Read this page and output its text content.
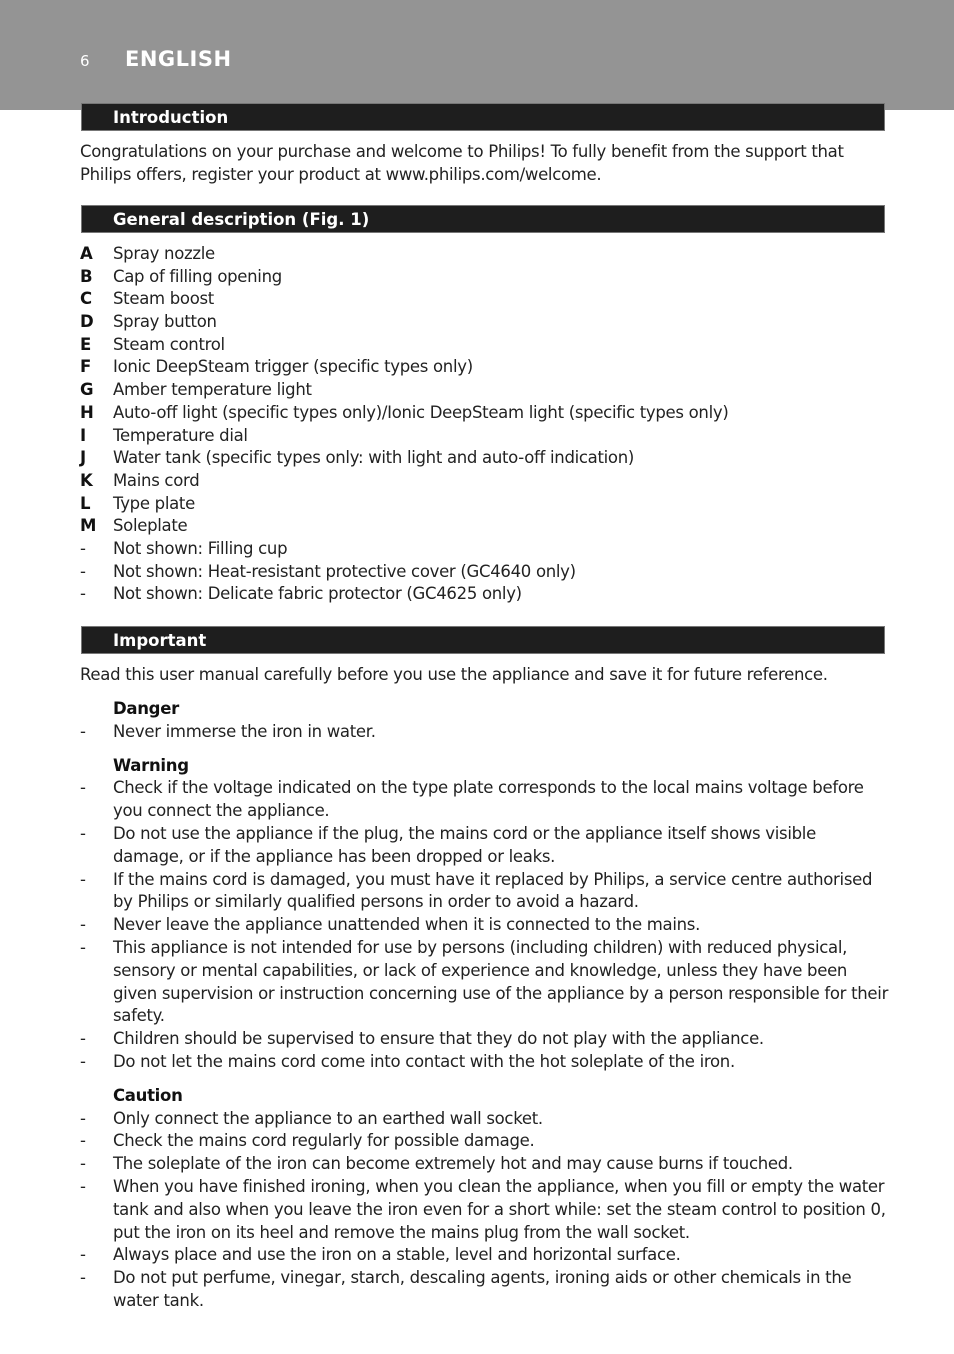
6 ENGLISH
Introduction
Congratulations on your purchase and welcome to Philips! To fully benefit from the support that Philips offers, register your product at www.philips.com/welcome.
General description (Fig. 1)
A	Spray nozzle
B	Cap of filling opening
C	Steam boost
D	Spray button
E	Steam control
F	Ionic DeepSteam trigger (specific types only)
G	Amber temperature light
H	Auto-off light (specific types only)/Ionic DeepSteam light (specific types only)
I	Temperature dial
J	Water tank (specific types only: with light and auto-off indication)
K	Mains cord
L	Type plate
M	Soleplate
-	Not shown: Filling cup
-	Not shown: Heat-resistant protective cover (GC4640 only)
-	Not shown: Delicate fabric protector (GC4625 only)
Important
Read this user manual carefully before you use the appliance and save it for future reference.
Danger
-	Never immerse the iron in water.
Warning
-	Check if the voltage indicated on the type plate corresponds to the local mains voltage before you connect the appliance.
-	Do not use the appliance if the plug, the mains cord or the appliance itself shows visible damage, or if the appliance has been dropped or leaks.
-	If the mains cord is damaged, you must have it replaced by Philips, a service centre authorised by Philips or similarly qualified persons in order to avoid a hazard.
-	Never leave the appliance unattended when it is connected to the mains.
-	This appliance is not intended for use by persons (including children) with reduced physical, sensory or mental capabilities, or lack of experience and knowledge, unless they have been given supervision or instruction concerning use of the appliance by a person responsible for their safety.
-	Children should be supervised to ensure that they do not play with the appliance.
-	Do not let the mains cord come into contact with the hot soleplate of the iron.
Caution
-	Only connect the appliance to an earthed wall socket.
-	Check the mains cord regularly for possible damage.
-	The soleplate of the iron can become extremely hot and may cause burns if touched.
-	When you have finished ironing, when you clean the appliance, when you fill or empty the water tank and also when you leave the iron even for a short while: set the steam control to position 0, put the iron on its heel and remove the mains plug from the wall socket.
-	Always place and use the iron on a stable, level and horizontal surface.
-	Do not put perfume, vinegar, starch, descaling agents, ironing aids or other chemicals in the water tank.
